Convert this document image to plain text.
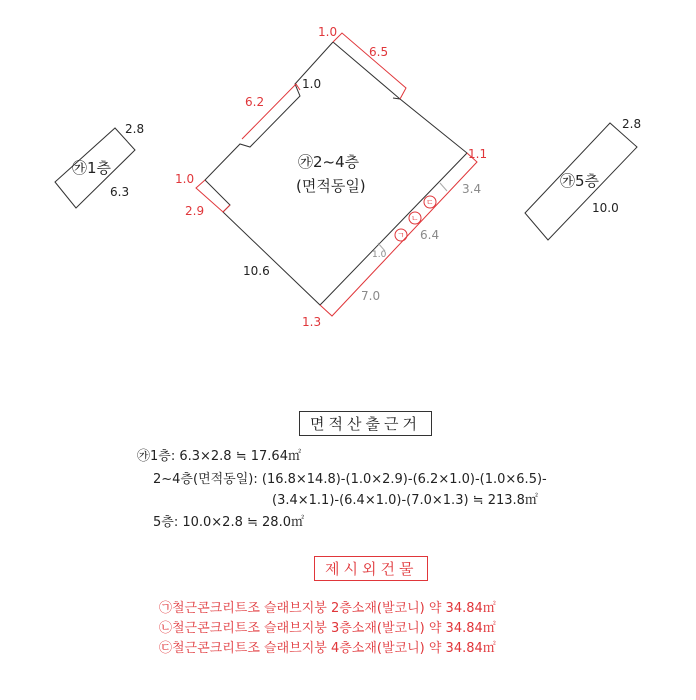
㉮1층
2.8
6.3
㉮5층
2.8
10.0
㉮2~4층
(면적동일)
1.0
6.5
6.2
1.0
2.9
1.1
1.3
1.0
10.6
3.4
6.4
1.0
7.0
ㄱ
ㄴ
ㄷ
면적산출근거
㉮1층: 6.3×2.8 ≒ 17.64㎡
2~4층(면적동일): (16.8×14.8)-(1.0×2.9)-(6.2×1.0)-(1.0×6.5)-
(3.4×1.1)-(6.4×1.0)-(7.0×1.3) ≒ 213.8㎡
5층: 10.0×2.8 ≒ 28.0㎡
제시외건물
㉠철근콘크리트조 슬래브지붕 2층소재(발코니) 약 34.84㎡
㉡철근콘크리트조 슬래브지붕 3층소재(발코니) 약 34.84㎡
㉢철근콘크리트조 슬래브지붕 4층소재(발코니) 약 34.84㎡
